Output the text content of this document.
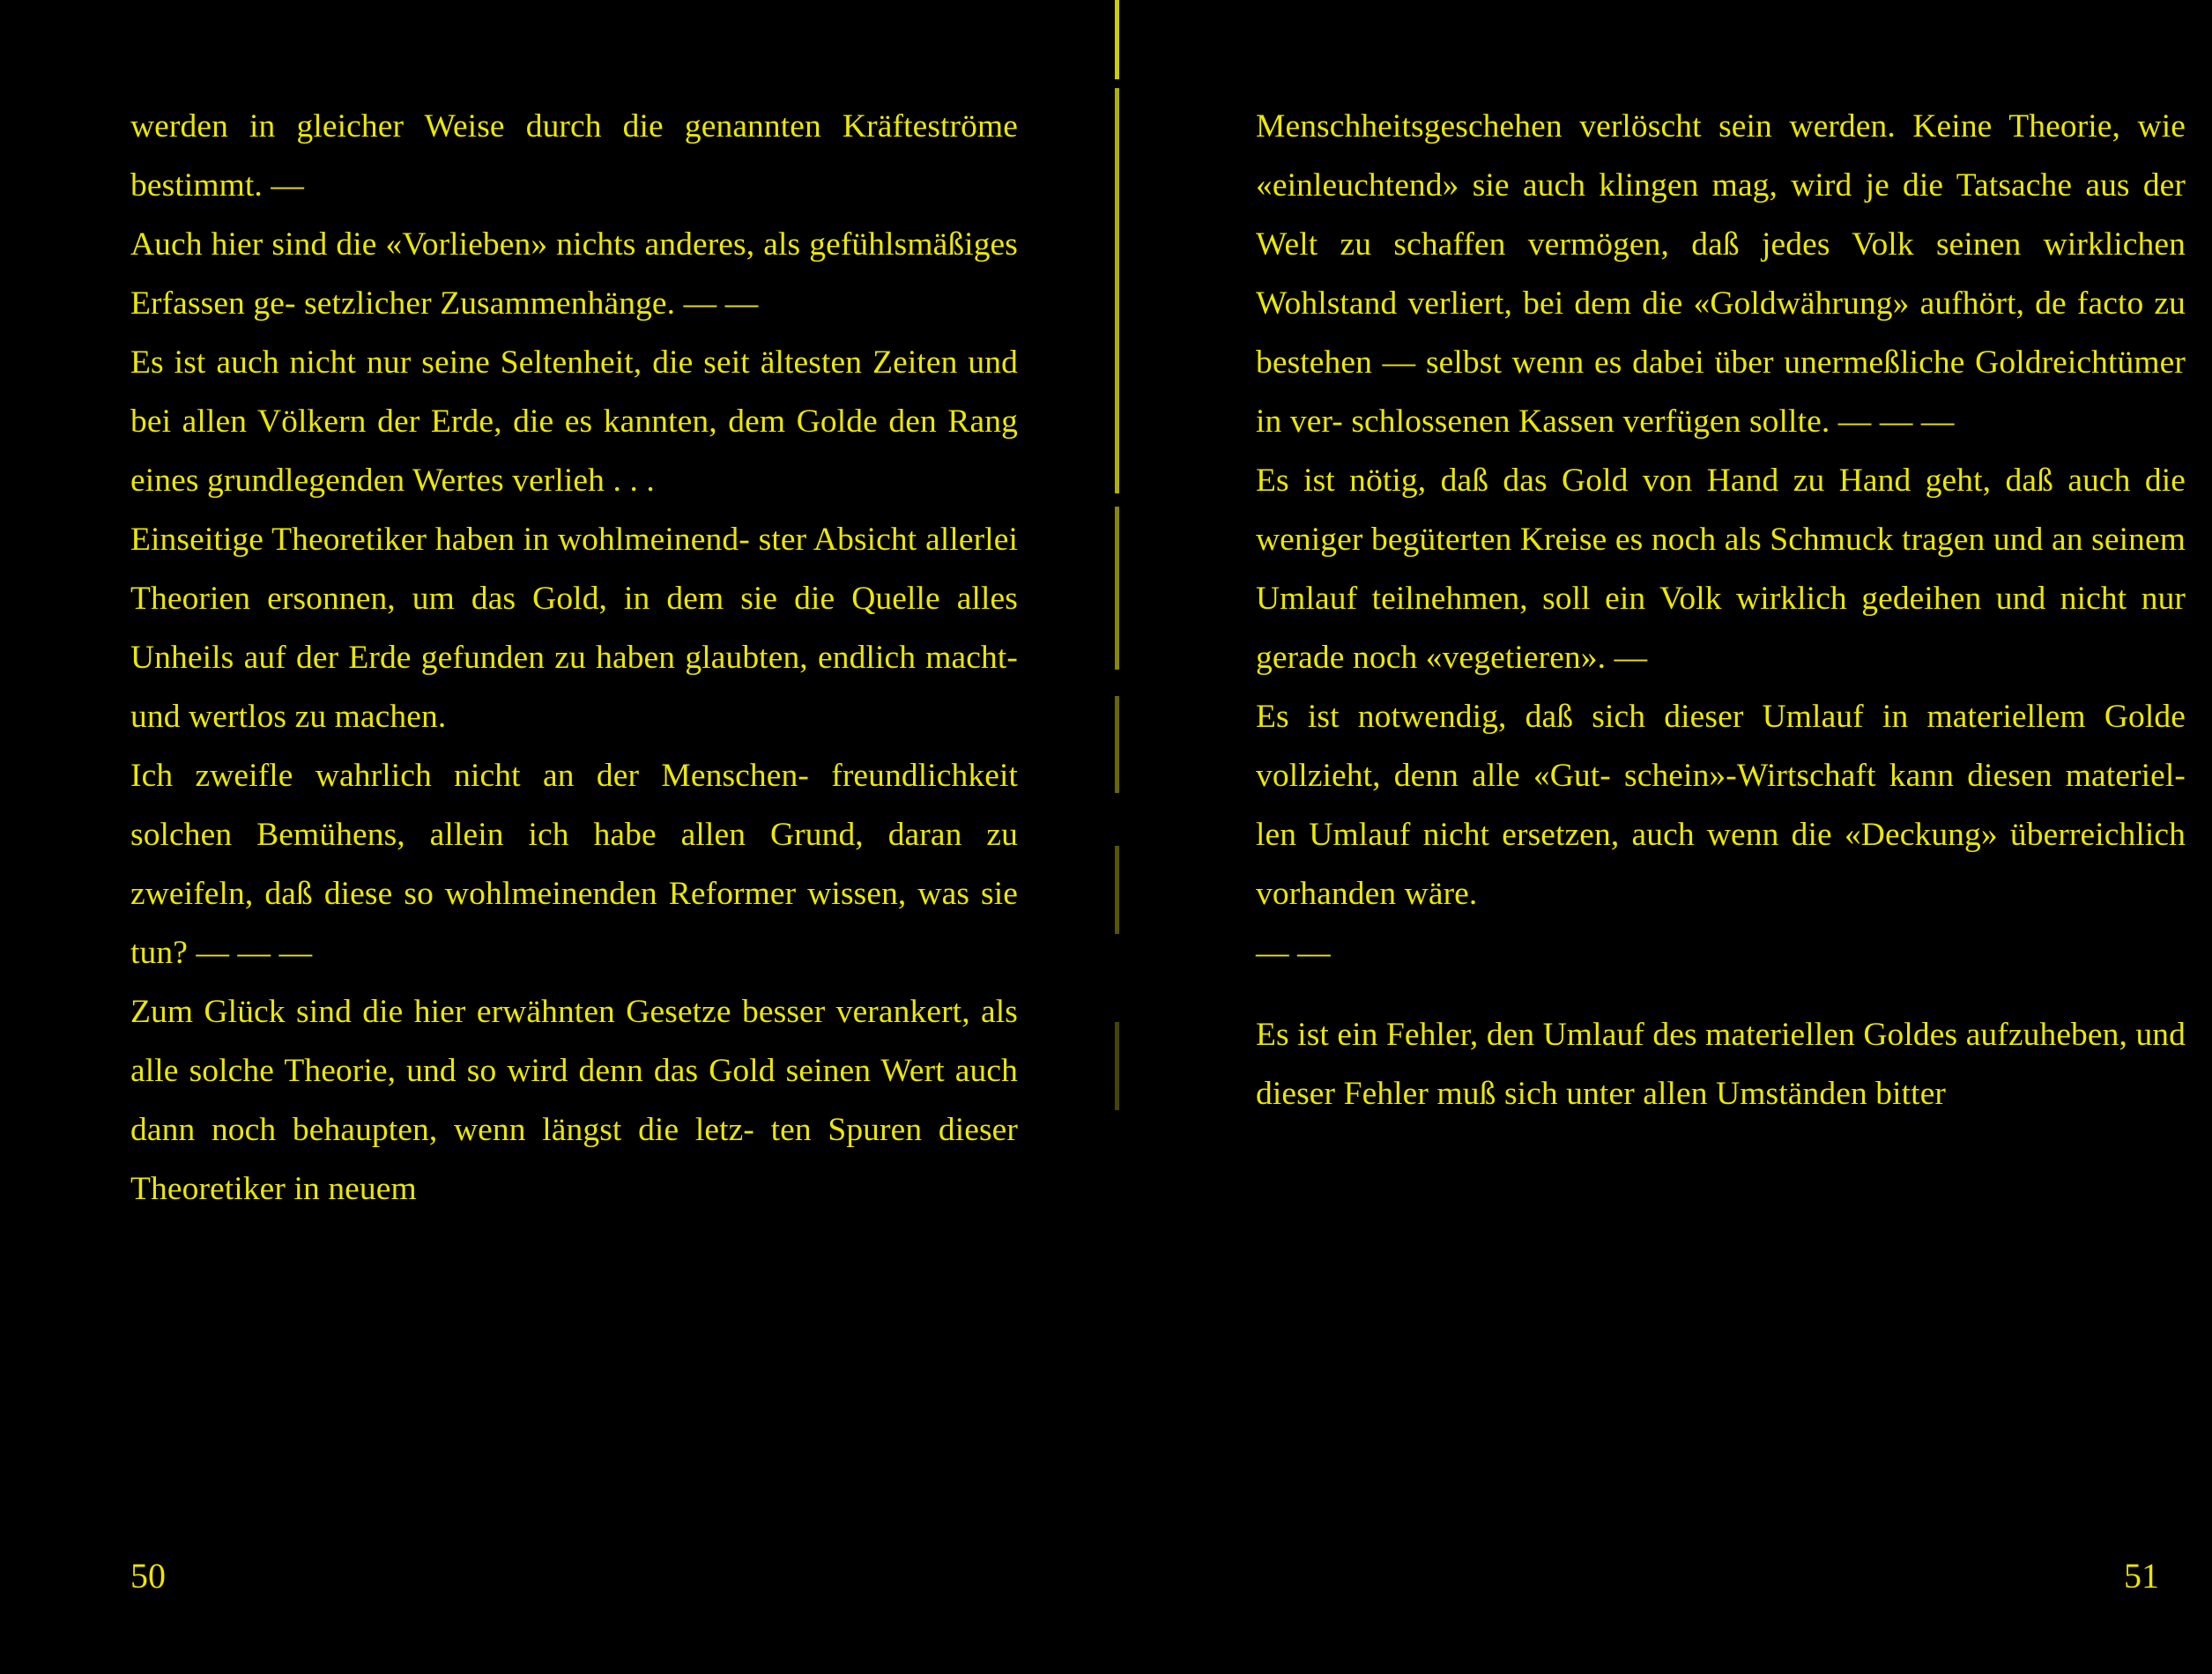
werden in gleicher Weise durch die genannten Kräfteströme bestimmt. —

Auch hier sind die «Vorlieben» nichts anderes, als gefühlsmäßiges Erfassen ge- setzlicher Zusammenhänge. — —

Es ist auch nicht nur seine Seltenheit, die seit ältesten Zeiten und bei allen Völkern der Erde, die es kannten, dem Golde den Rang eines grundlegenden Wertes verlieh . . .

Einseitige Theoretiker haben in wohlmeinend- ster Absicht allerlei Theorien ersonnen, um das Gold, in dem sie die Quelle alles Unheils auf der Erde gefunden zu haben glaubten, endlich macht- und wertlos zu machen.

Ich zweifle wahrlich nicht an der Menschen- freundlichkeit solchen Bemühens, allein ich habe allen Grund, daran zu zweifeln, daß diese so wohlmeinenden Reformer wissen, was sie tun? — — —

Zum Glück sind die hier erwähnten Gesetze besser verankert, als alle solche Theorie, und so wird denn das Gold seinen Wert auch dann noch behaupten, wenn längst die letz- ten Spuren dieser Theoretiker in neuem

50

Menschheitsgeschehen verlöscht sein werden. Keine Theorie, wie «einleuchtend» sie auch klingen mag, wird je die Tatsache aus der Welt zu schaffen vermögen, daß jedes Volk seinen wirklichen Wohlstand verliert, bei dem die «Goldwährung» aufhört, de facto zu bestehen — selbst wenn es dabei über unermeßliche Goldreichtümer in ver- schlossenen Kassen verfügen sollte. — — —

Es ist nötig, daß das Gold von Hand zu Hand geht, daß auch die weniger begüterten Kreise es noch als Schmuck tragen und an seinem Umlauf teilnehmen, soll ein Volk wirklich gedeihen und nicht nur gerade noch «vegetieren». —

Es ist notwendig, daß sich dieser Umlauf in materiellem Golde vollzieht, denn alle «Gut- schein»-Wirtschaft kann diesen materiel- len Umlauf nicht ersetzen, auch wenn die «Deckung» überreichlich vorhanden wäre.

— —

Es ist ein Fehler, den Umlauf des materiellen Goldes aufzuheben, und dieser Fehler muß sich unter allen Umständen bitter

51
